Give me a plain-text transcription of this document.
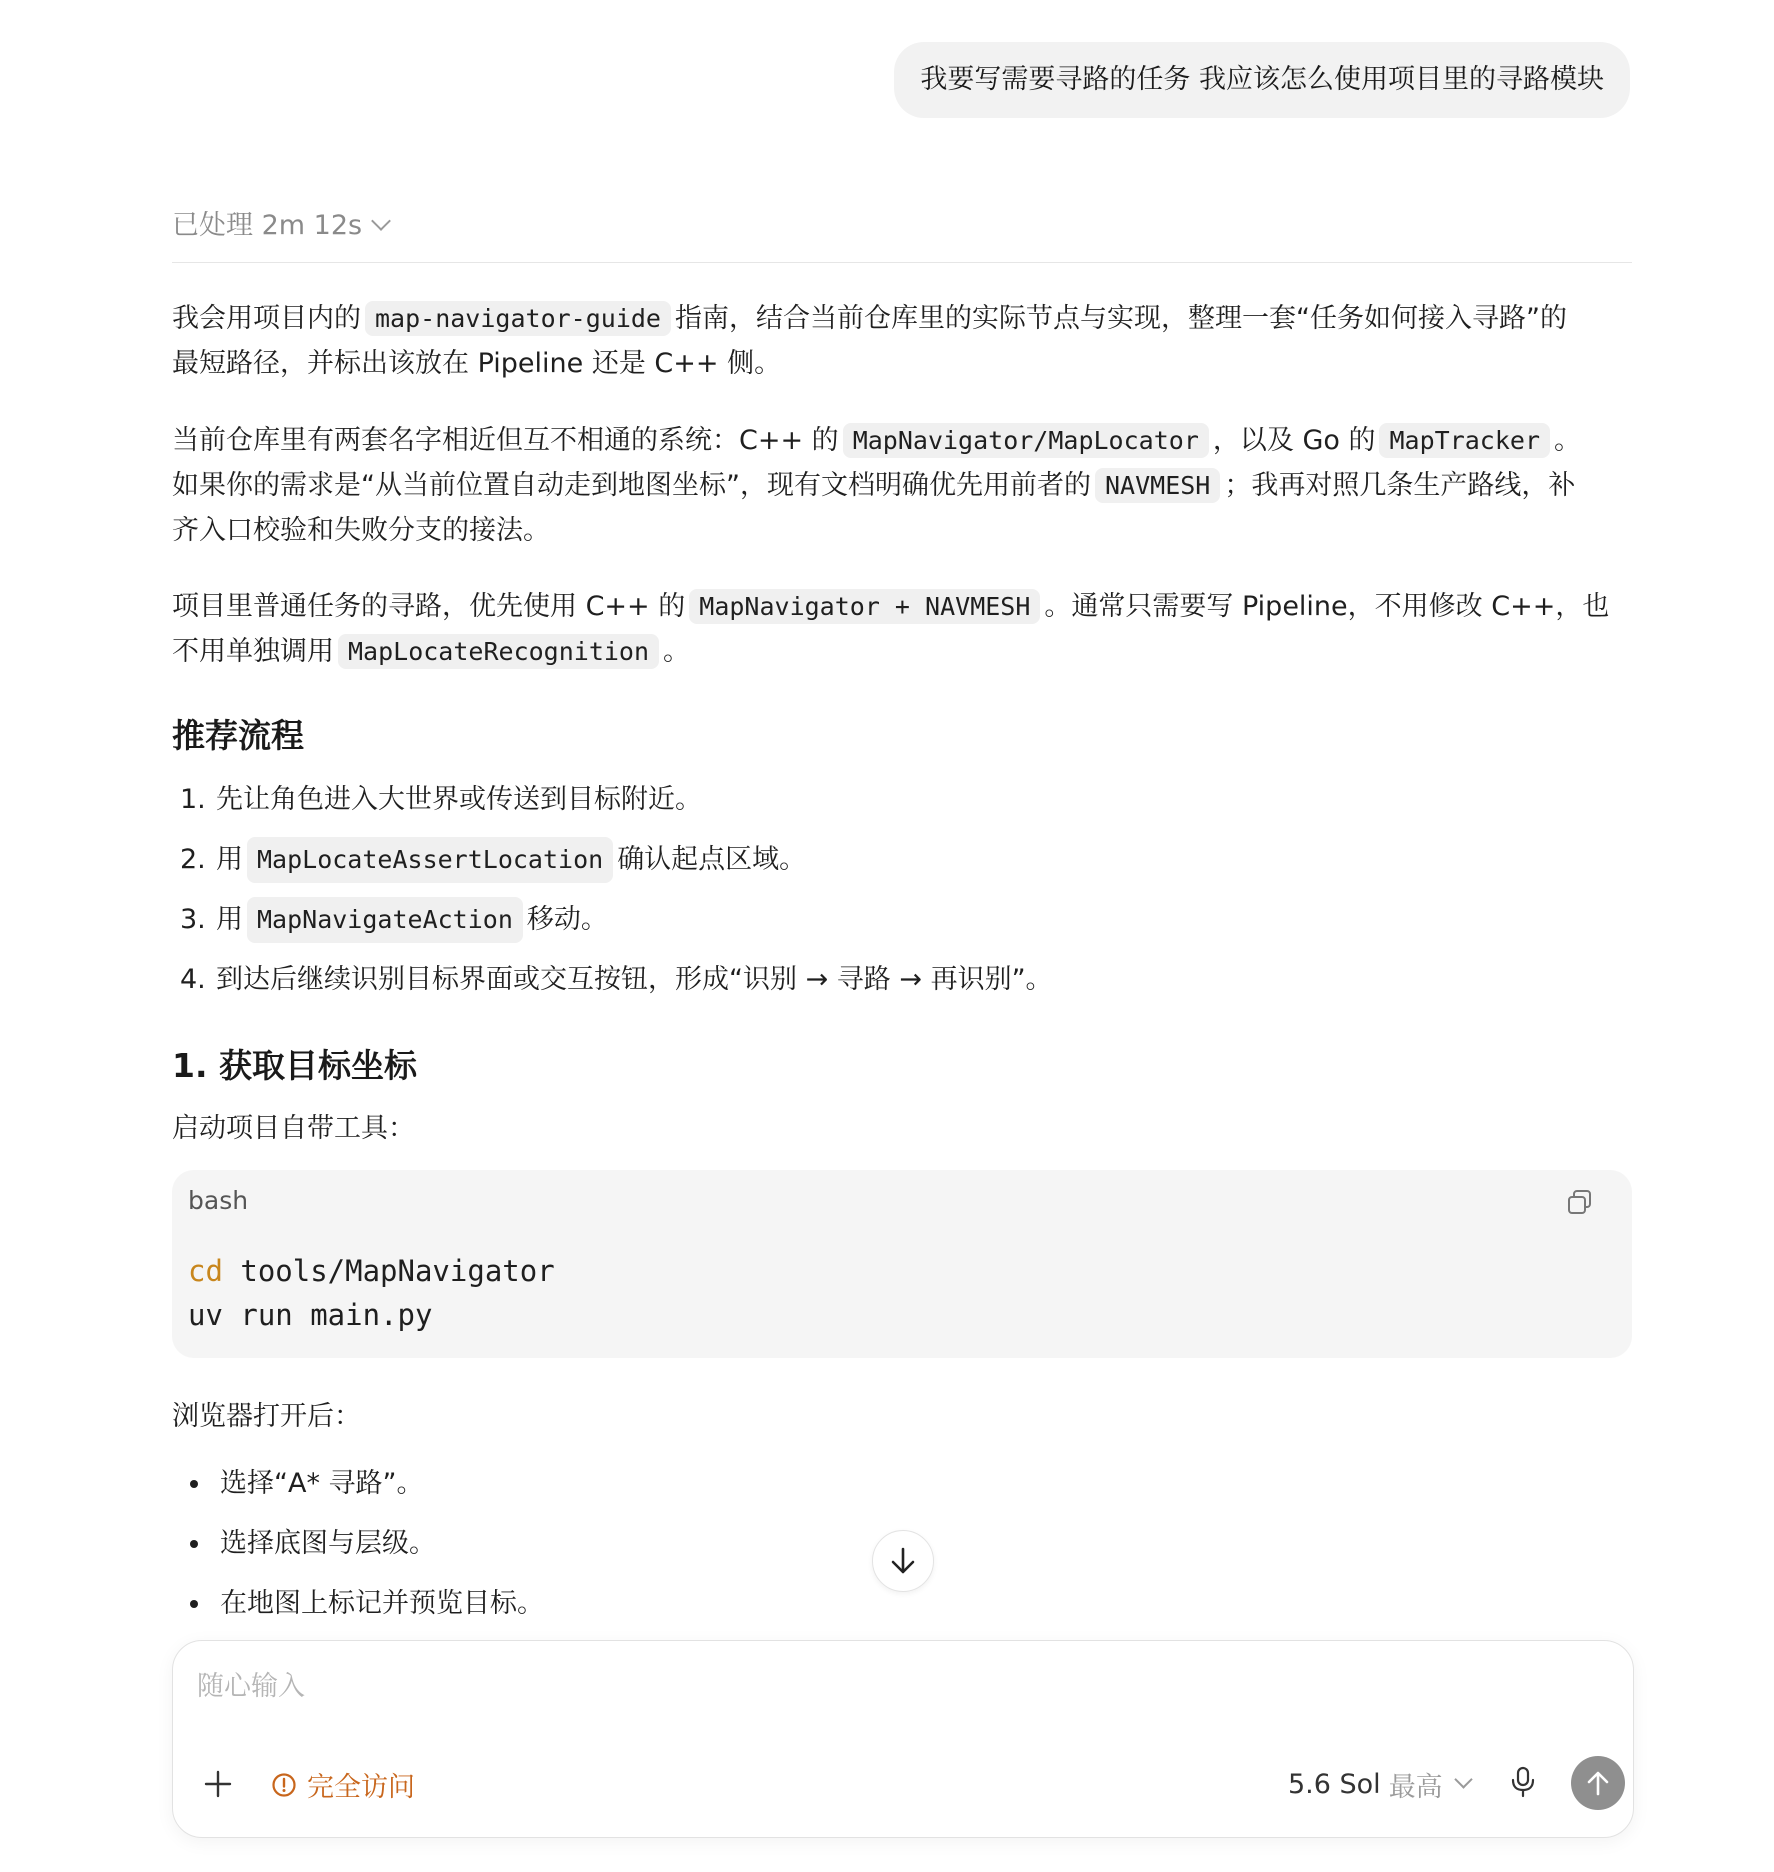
我要写需要寻路的任务 我应该怎么使用项目里的寻路模块
已处理 2m 12s

我会用项目内的 map-navigator-guide 指南，结合当前仓库里的实际节点与实现，整理一套“任务如何接入寻路”的

最短路径，并标出该放在 Pipeline 还是 C++ 侧。

当前仓库里有两套名字相近但互不相通的系统：C++ 的 MapNavigator/MapLocator ，以及 Go 的 MapTracker 。

如果你的需求是“从当前位置自动走到地图坐标”，现有文档明确优先用前者的 NAVMESH ；我再对照几条生产路线，补

齐入口校验和失败分支的接法。

项目里普通任务的寻路，优先使用 C++ 的 MapNavigator + NAVMESH 。通常只需要写 Pipeline，不用修改 C++，也

不用单独调用 MapLocateRecognition 。

推荐流程
1. 先让角色进入大世界或传送到目标附近。
2. 用 MapLocateAssertLocation 确认起点区域。
3. 用 MapNavigateAction 移动。
4. 到达后继续识别目标界面或交互按钮，形成“识别 → 寻路 → 再识别”。
1. 获取目标坐标
启动项目自带工具：
bash
cd tools/MapNavigator
uv run main.py
浏览器打开后：
选择“A* 寻路”。
选择底图与层级。
在地图上标记并预览目标。
随心输入
完全访问	5.6 Sol 最高
